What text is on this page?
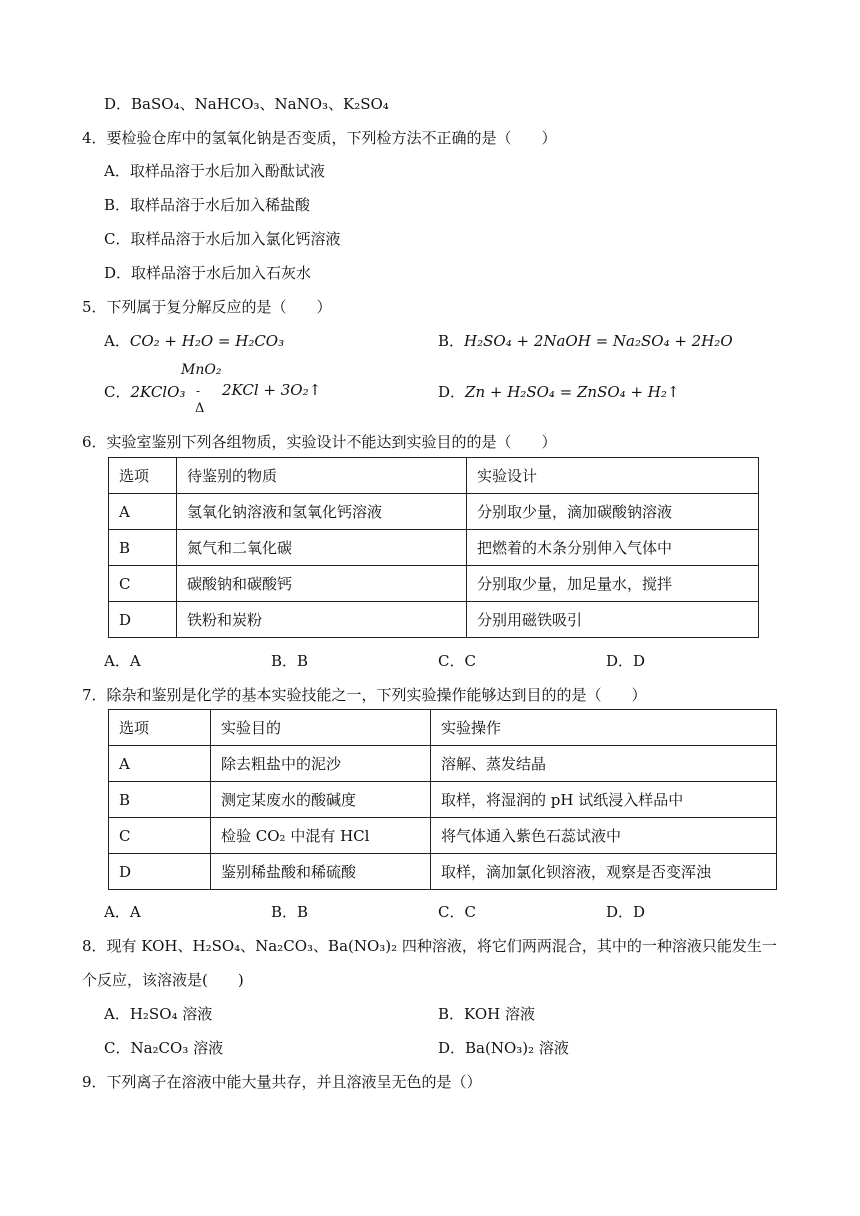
D．BaSO₄、NaHCO₃、NaNO₃、K₂SO₄
4．要检验仓库中的氢氧化钠是否变质，下列检方法不正确的是（　　）
A．取样品溶于水后加入酚酞试液
B．取样品溶于水后加入稀盐酸
C．取样品溶于水后加入氯化钙溶液
D．取样品溶于水后加入石灰水
5．下列属于复分解反应的是（　　）
A．CO₂ + H₂O = H₂CO₃	B．H₂SO₄ + 2NaOH = Na₂SO₄ + 2H₂O
MnO₂
C．2KClO₃ -
Δ
2KCl + 3O₂↑	D．Zn + H₂SO₄ = ZnSO₄ + H₂↑
6．实验室鉴别下列各组物质，实验设计不能达到实验目的的是（　　）
选项	待鉴别的物质	实验设计
A	氢氧化钠溶液和氢氧化钙溶液	分别取少量，滴加碳酸钠溶液
B	氮气和二氧化碳	把燃着的木条分别伸入气体中
C	碳酸钠和碳酸钙	分别取少量，加足量水，搅拌
D	铁粉和炭粉	分别用磁铁吸引
A．A	B．B	C．C	D．D
7．除杂和鉴别是化学的基本实验技能之一，下列实验操作能够达到目的的是（　　）
选项	实验目的	实验操作
A	除去粗盐中的泥沙	溶解、蒸发结晶
B	测定某废水的酸碱度	取样，将湿润的 pH 试纸浸入样品中
C	检验 CO₂ 中混有 HCl	将气体通入紫色石蕊试液中
D	鉴别稀盐酸和稀硫酸	取样，滴加氯化钡溶液，观察是否变浑浊
A．A	B．B	C．C	D．D
8．现有 KOH、H₂SO₄、Na₂CO₃、Ba(NO₃)₂ 四种溶液，将它们两两混合，其中的一种溶液只能发生一
个反应，该溶液是(　　)
A．H₂SO₄ 溶液	B．KOH 溶液
C．Na₂CO₃ 溶液	D．Ba(NO₃)₂ 溶液
9．下列离子在溶液中能大量共存，并且溶液呈无色的是（）
